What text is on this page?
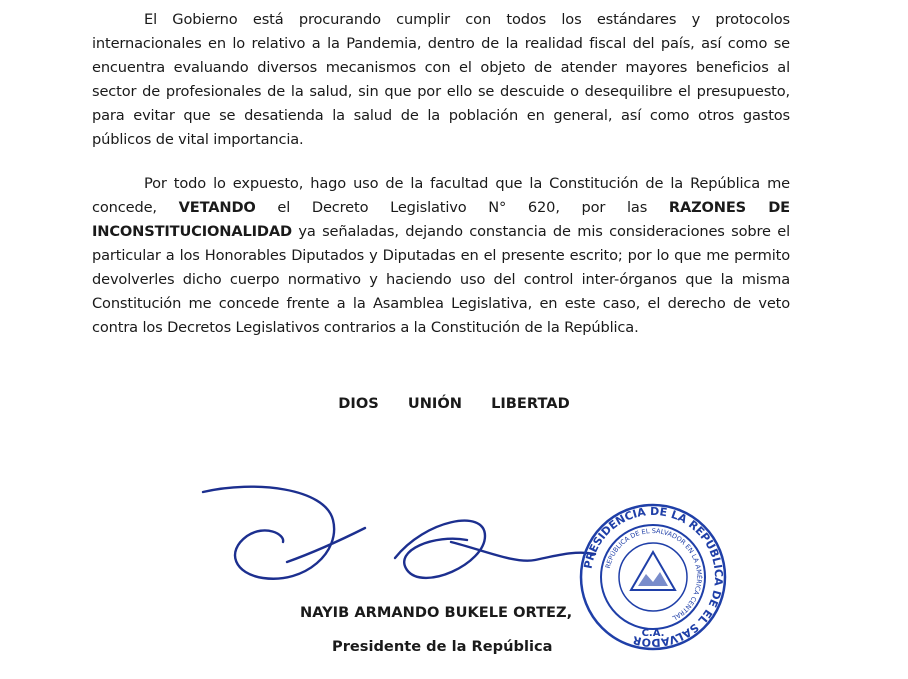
El Gobierno está procurando cumplir con todos los estándares y protocolos internacionales en lo relativo a la Pandemia, dentro de la realidad fiscal del país, así como se encuentra evaluando diversos mecanismos con el objeto de atender mayores beneficios al sector de profesionales de la salud, sin que por ello se descuide o desequilibre el presupuesto, para evitar que se desatienda la salud de la población en general, así como otros gastos públicos de vital importancia.

Por todo lo expuesto, hago uso de la facultad que la Constitución de la República me concede, VETANDO el Decreto Legislativo N° 620, por las RAZONES DE INCONSTITUCIONALIDAD ya señaladas, dejando constancia de mis consideraciones sobre el particular a los Honorables Diputados y Diputadas en el presente escrito; por lo que me permito devolverles dicho cuerpo normativo y haciendo uso del control inter-órganos que la misma Constitución me concede frente a la Asamblea Legislativa, en este caso, el derecho de veto contra los Decretos Legislativos contrarios a la Constitución de la República.

DIOS UNIÓN LIBERTAD
PRESIDENCIA DE LA REPÚBLICA DE EL SALVADOR
REPÚBLICA DE EL SALVADOR EN LA AMÉRICA CENTRAL
C.A.
NAYIB ARMANDO BUKELE ORTEZ,
Presidente de la República
